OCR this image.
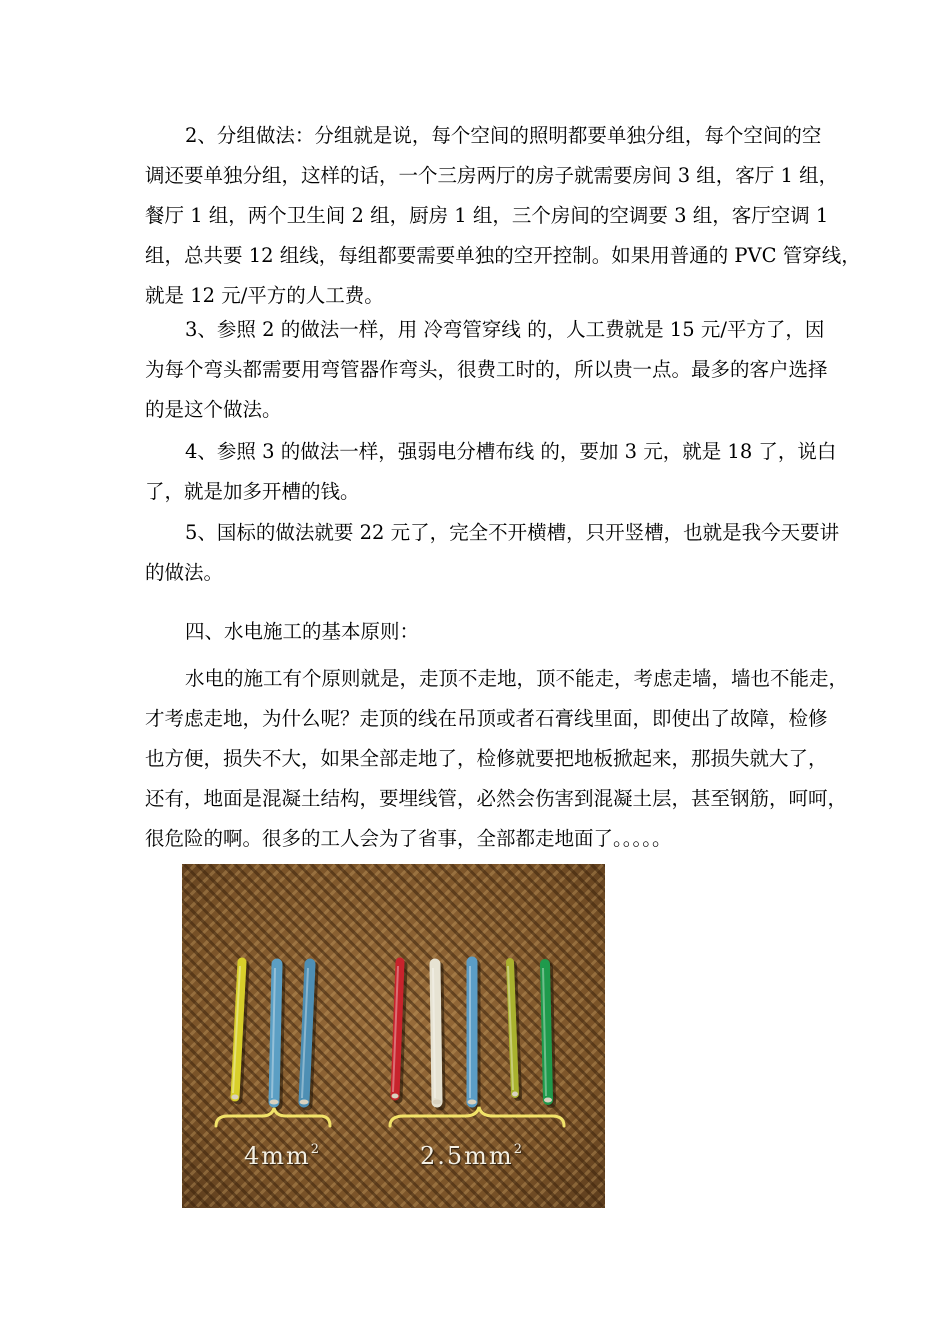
2、分组做法：分组就是说，每个空间的照明都要单独分组，每个空间的空
调还要单独分组，这样的话，一个三房两厅的房子就需要房间 3 组，客厅 1 组，
餐厅 1 组，两个卫生间 2 组，厨房 1 组，三个房间的空调要 3 组，客厅空调 1
组，总共要 12 组线，每组都要需要单独的空开控制。如果用普通的 PVC 管穿线，
就是 12 元/平方的人工费。
3、参照 2 的做法一样，用 冷弯管穿线 的，人工费就是 15 元/平方了，因
为每个弯头都需要用弯管器作弯头，很费工时的，所以贵一点。最多的客户选择
的是这个做法。
4、参照 3 的做法一样，强弱电分槽布线 的，要加 3 元，就是 18 了，说白
了，就是加多开槽的钱。
5、国标的做法就要 22 元了，完全不开横槽，只开竖槽，也就是我今天要讲
的做法。
四、水电施工的基本原则：
水电的施工有个原则就是，走顶不走地，顶不能走，考虑走墙，墙也不能走，
才考虑走地，为什么呢？走顶的线在吊顶或者石膏线里面，即使出了故障，检修
也方便，损失不大，如果全部走地了，检修就要把地板掀起来，那损失就大了，
还有，地面是混凝土结构，要埋线管，必然会伤害到混凝土层，甚至钢筋，呵呵，
很危险的啊。很多的工人会为了省事，全部都走地面了。。。。。
$4mm^2$	$2.5mm^2$
